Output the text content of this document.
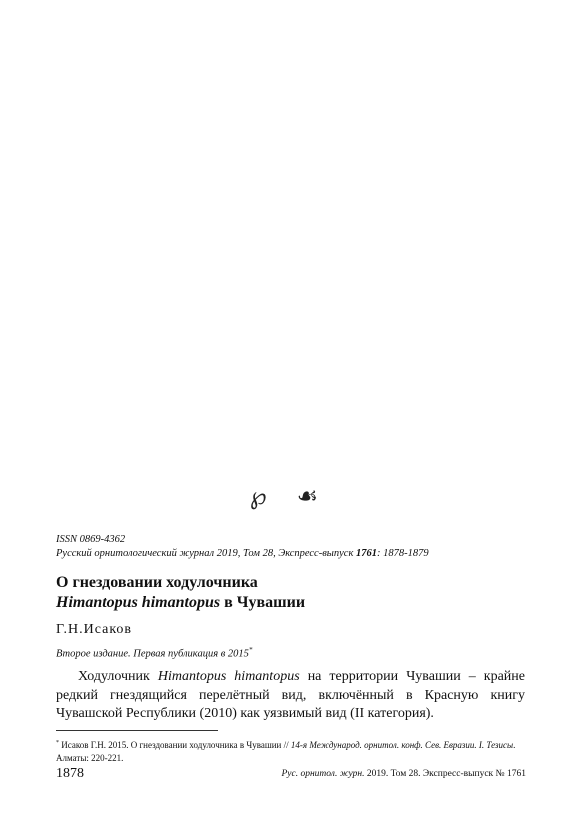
℘ ☙
ISSN 0869-4362
Русский орнитологический журнал 2019, Том 28, Экспресс-выпуск 1761: 1878-1879
О гнездовании ходулочника
Himantopus himantopus в Чувашии
Г.Н.Исаков
Второе издание. Первая публикация в 2015*
Ходулочник Himantopus himantopus на территории Чувашии – крайне редкий гнездящийся перелётный вид, включённый в Красную книгу Чувашской Республики (2010) как уязвимый вид (II категория).
* Исаков Г.Н. 2015. О гнездовании ходулочника в Чувашии // 14-я Международ. орнитол. конф. Сев. Евразии. I. Тезисы. Алматы: 220-221.
1878	Рус. орнитол. журн. 2019. Том 28. Экспресс-выпуск № 1761
